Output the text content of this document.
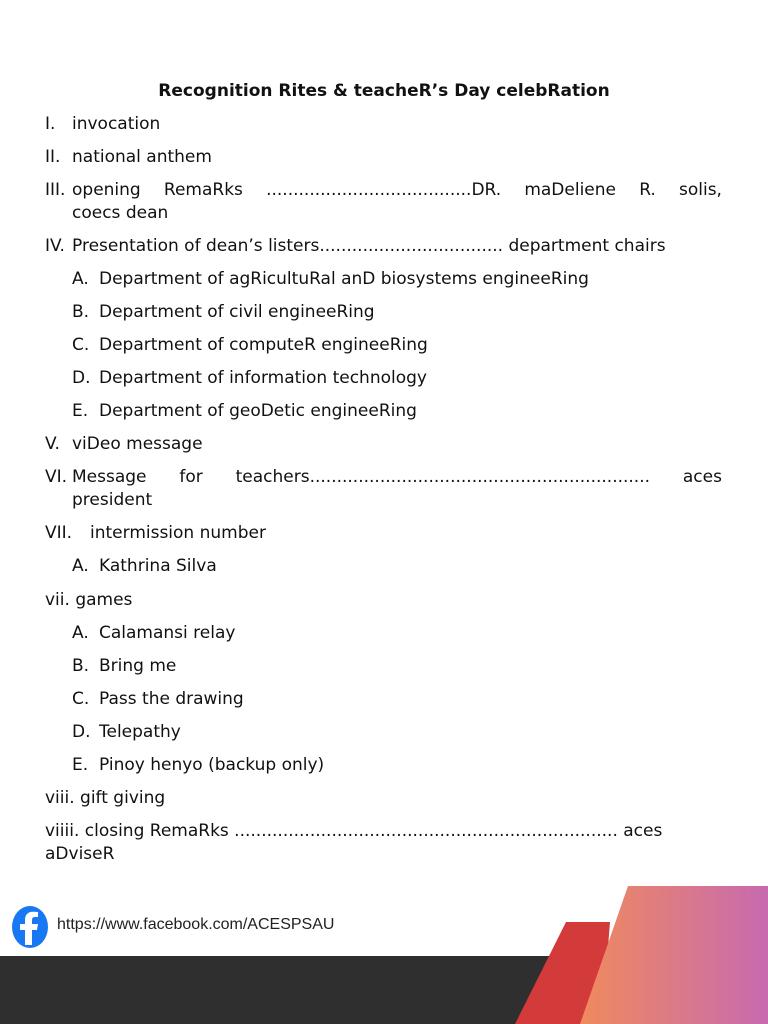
Recognition Rites & teacheR’s Day celebRation
I. invocation
II. national anthem
III. opening RemaRks ......................................DR. maDeliene R. solis,
coecs dean
IV. Presentation of dean’s listers.................................. department chairs
A. Department of agRicultuRal anD biosystems engineeRing
B. Department of civil engineeRing
C. Department of computeR engineeRing
D. Department of information technology
E. Department of geoDetic engineeRing
V. viDeo message
VI. Message for teachers............................................................... aces
president
VII. intermission number
A. Kathrina Silva
vii. games
A. Calamansi relay
B. Bring me
C. Pass the drawing
D. Telepathy
E. Pinoy henyo (backup only)
viii. gift giving
viiii. closing RemaRks ....................................................................... aces
aDviseR
https://www.facebook.com/ACESPSAU
